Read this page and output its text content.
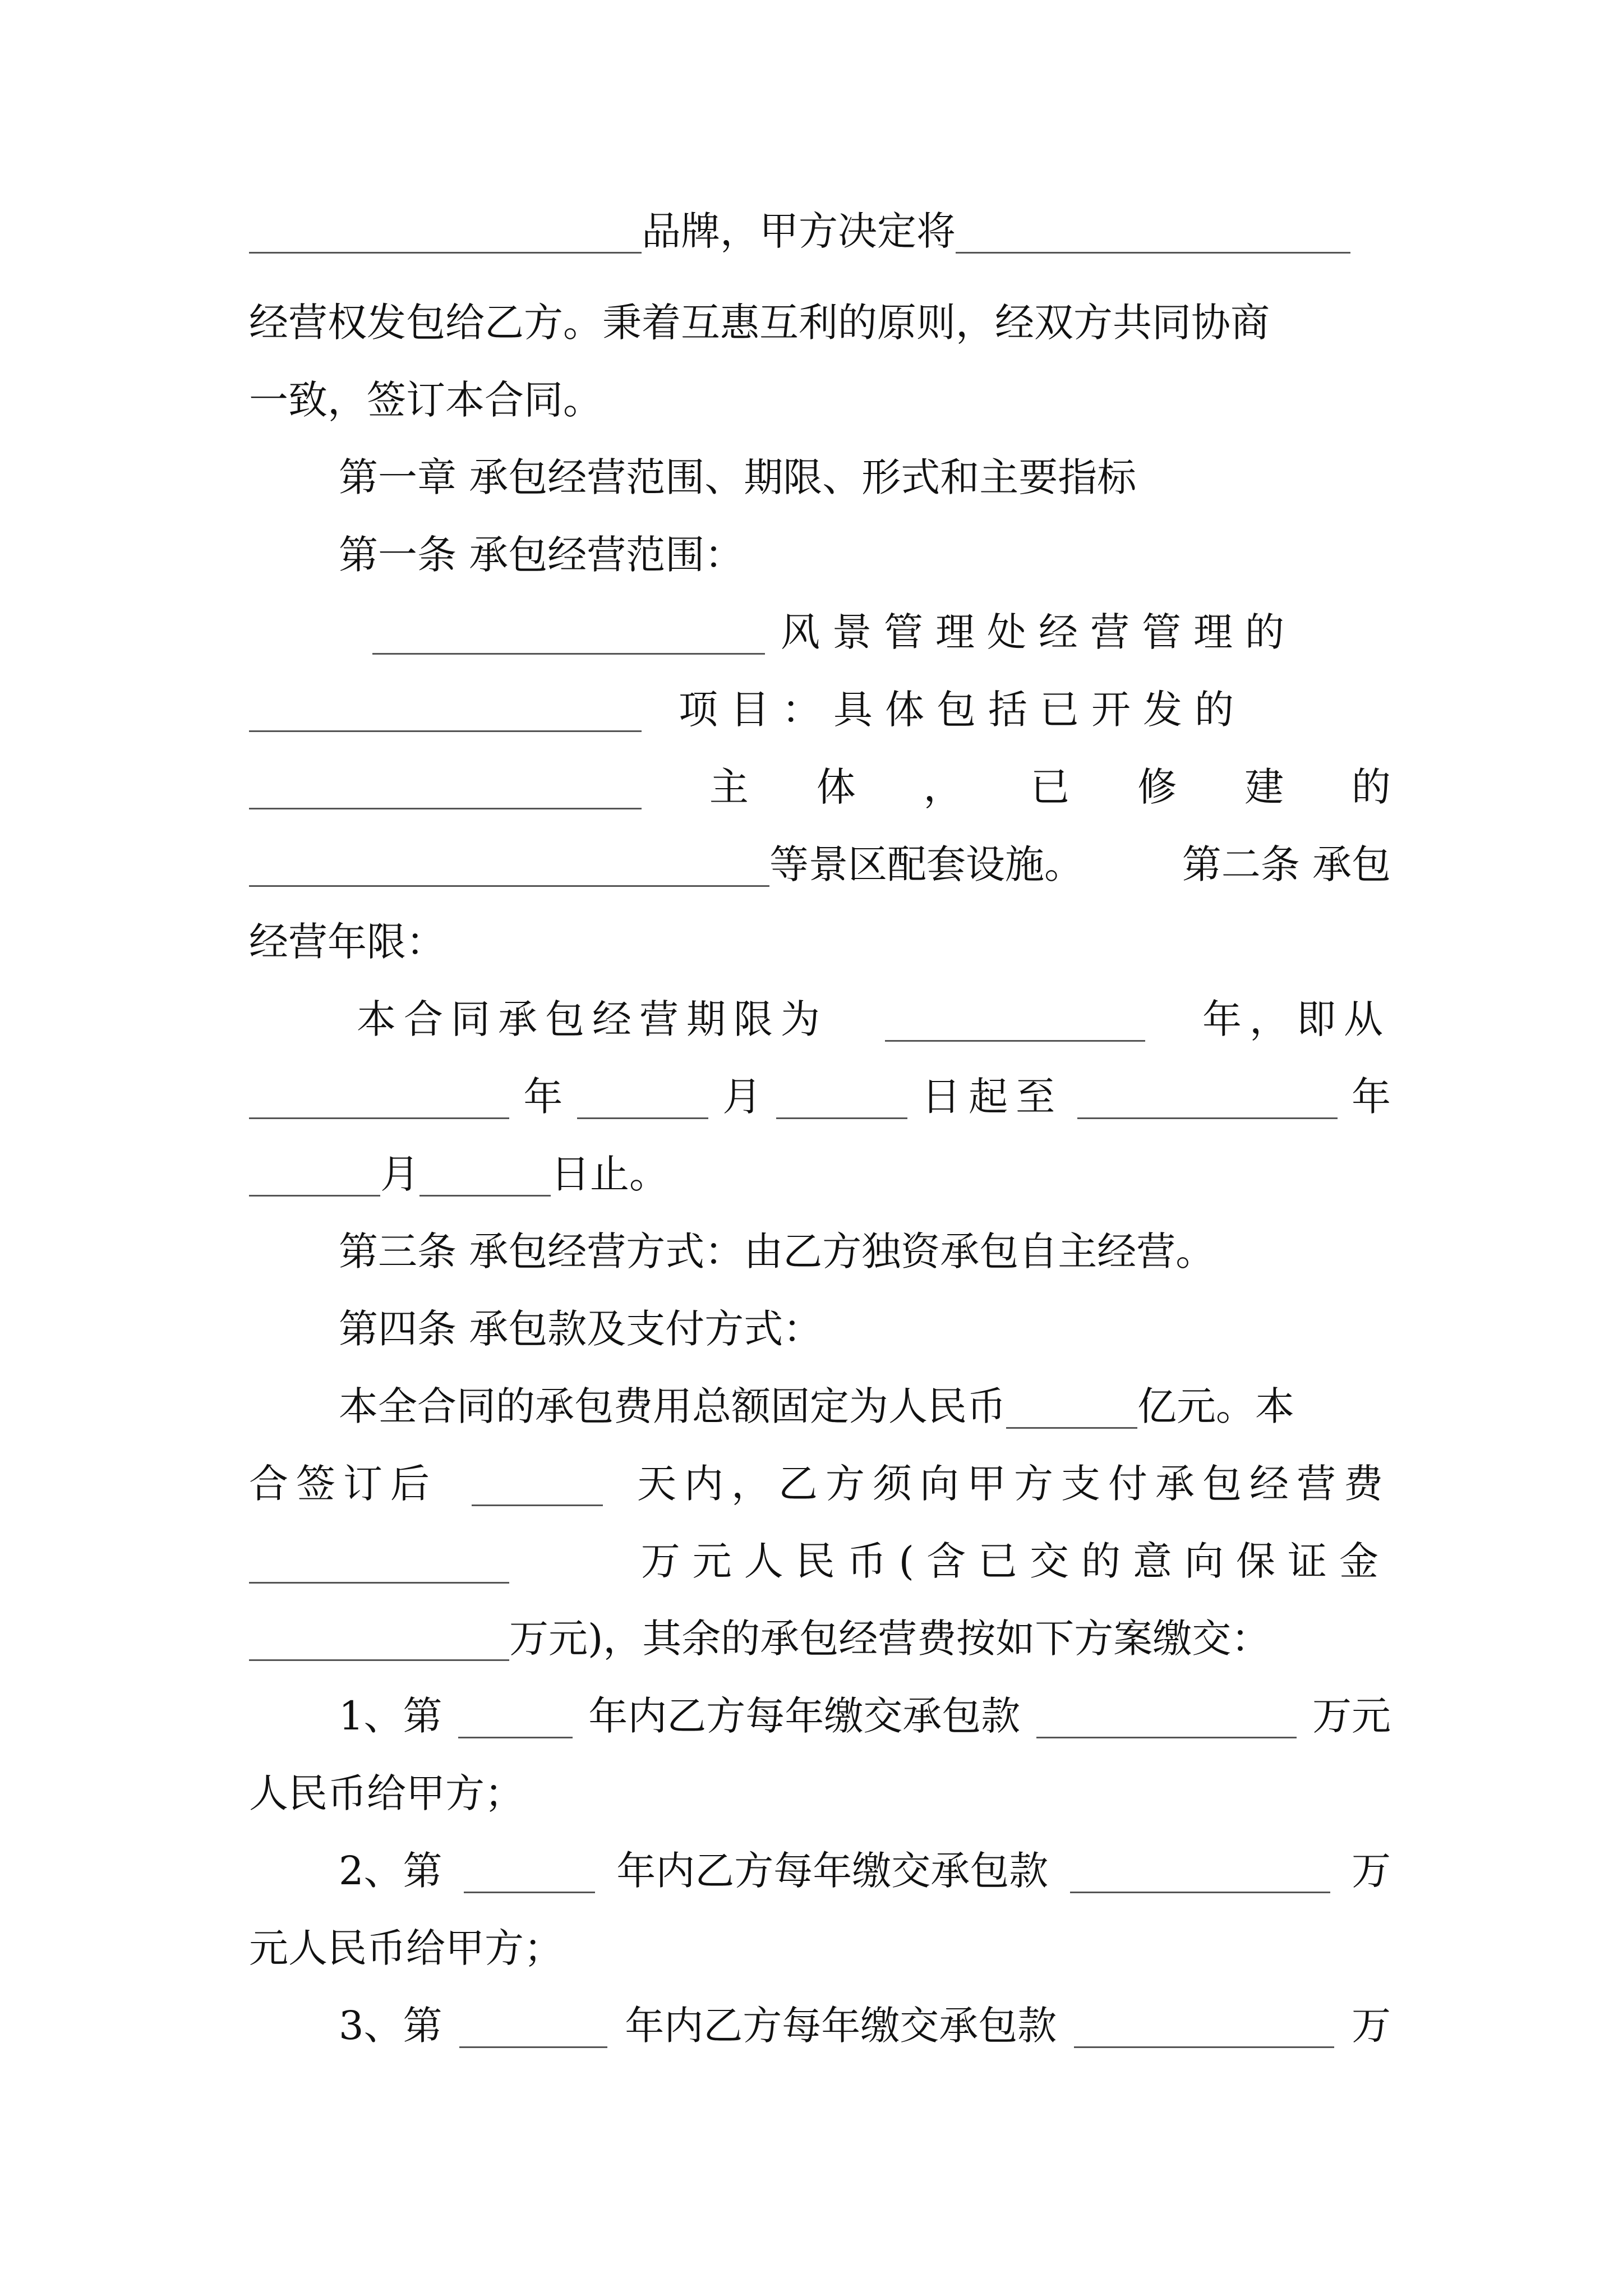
品牌，甲方决定将
经营权发包给乙方。秉着互惠互利的原则，经双方共同协商
一致，签订本合同。
第一章 承包经营范围、期限、形式和主要指标
第一条 承包经营范围：
风景管理处经营管理的
项目：具体包括已开发的
主 体 ， 已 修 建 的
等景区配套设施。	第二条 承包
经营年限：
本合同承包经营期限为	年，即从
年	月	日起至	年
月	日止。
第三条 承包经营方式：由乙方独资承包自主经营。
第四条 承包款及支付方式：
本全合同的承包费用总额固定为人民币	亿元。本
合签订后	天内，乙方须向甲方支付承包经营费
万元人民币(含已交的意向保证金
万元)，其余的承包经营费按如下方案缴交：
1、第	年内乙方每年缴交承包款	万元
人民币给甲方；
2、第	年内乙方每年缴交承包款	万
元人民币给甲方；
3、第	年内乙方每年缴交承包款	万
